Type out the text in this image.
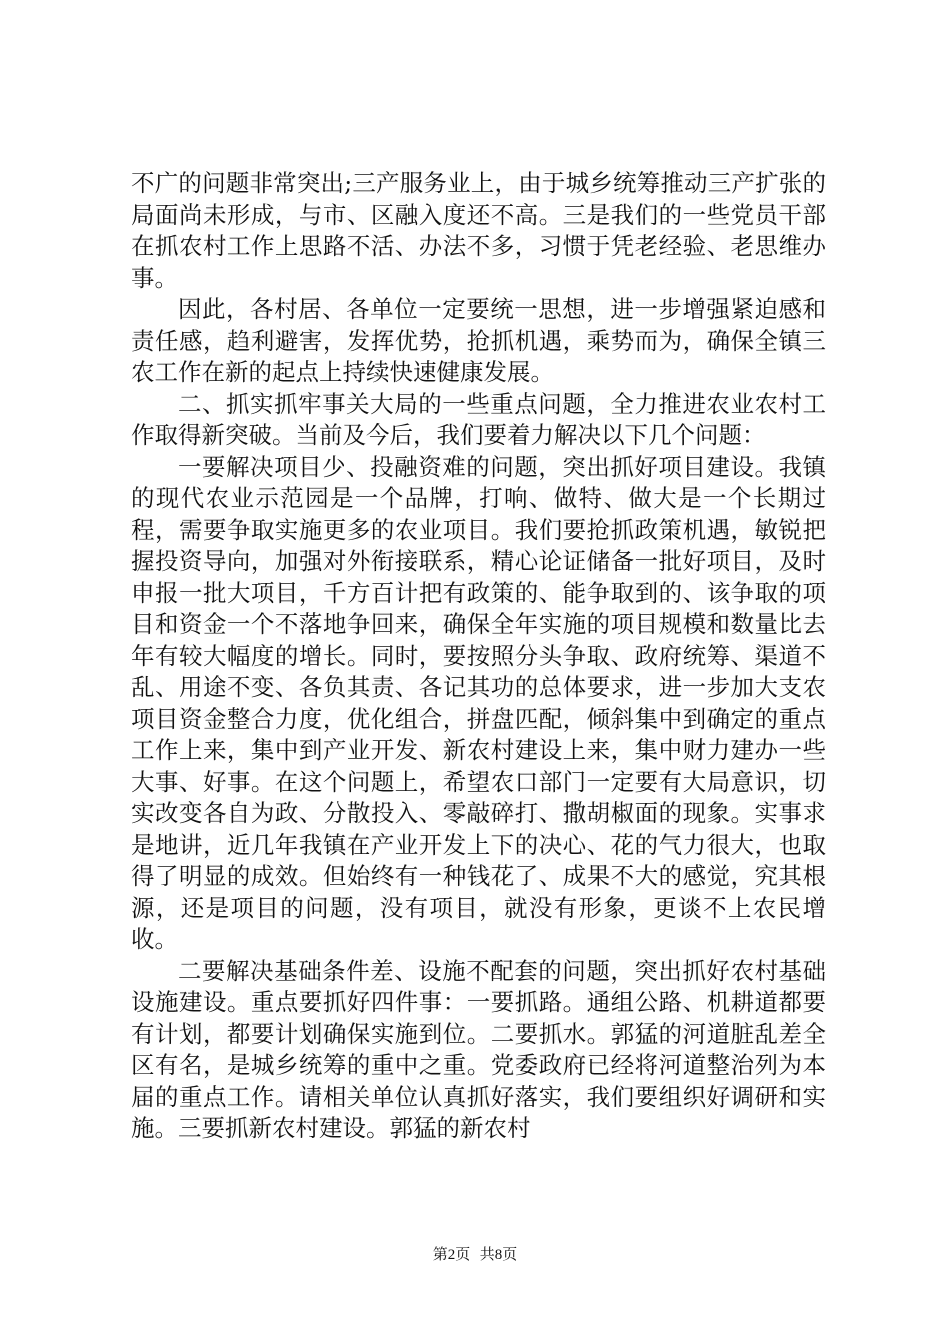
不广的问题非常突出;三产服务业上，由于城乡统筹推动三产扩张的局面尚未形成，与市、区融入度还不高。三是我们的一些党员干部在抓农村工作上思路不活、办法不多，习惯于凭老经验、老思维办事。

因此，各村居、各单位一定要统一思想，进一步增强紧迫感和责任感，趋利避害，发挥优势，抢抓机遇，乘势而为，确保全镇三农工作在新的起点上持续快速健康发展。

二、抓实抓牢事关大局的一些重点问题，全力推进农业农村工作取得新突破。当前及今后，我们要着力解决以下几个问题：

一要解决项目少、投融资难的问题，突出抓好项目建设。我镇的现代农业示范园是一个品牌，打响、做特、做大是一个长期过程，需要争取实施更多的农业项目。我们要抢抓政策机遇，敏锐把握投资导向，加强对外衔接联系，精心论证储备一批好项目，及时申报一批大项目，千方百计把有政策的、能争取到的、该争取的项目和资金一个不落地争回来，确保全年实施的项目规模和数量比去年有较大幅度的增长。同时，要按照分头争取、政府统筹、渠道不乱、用途不变、各负其责、各记其功的总体要求，进一步加大支农项目资金整合力度，优化组合，拼盘匹配，倾斜集中到确定的重点工作上来，集中到产业开发、新农村建设上来，集中财力建办一些大事、好事。在这个问题上，希望农口部门一定要有大局意识，切实改变各自为政、分散投入、零敲碎打、撒胡椒面的现象。实事求是地讲，近几年我镇在产业开发上下的决心、花的气力很大，也取得了明显的成效。但始终有一种钱花了、成果不大的感觉，究其根源，还是项目的问题，没有项目，就没有形象，更谈不上农民增收。

二要解决基础条件差、设施不配套的问题，突出抓好农村基础设施建设。重点要抓好四件事：一要抓路。通组公路、机耕道都要有计划，都要计划确保实施到位。二要抓水。郭猛的河道脏乱差全区有名，是城乡统筹的重中之重。党委政府已经将河道整治列为本届的重点工作。请相关单位认真抓好落实，我们要组织好调研和实施。三要抓新农村建设。郭猛的新农村

第2页  共8页
